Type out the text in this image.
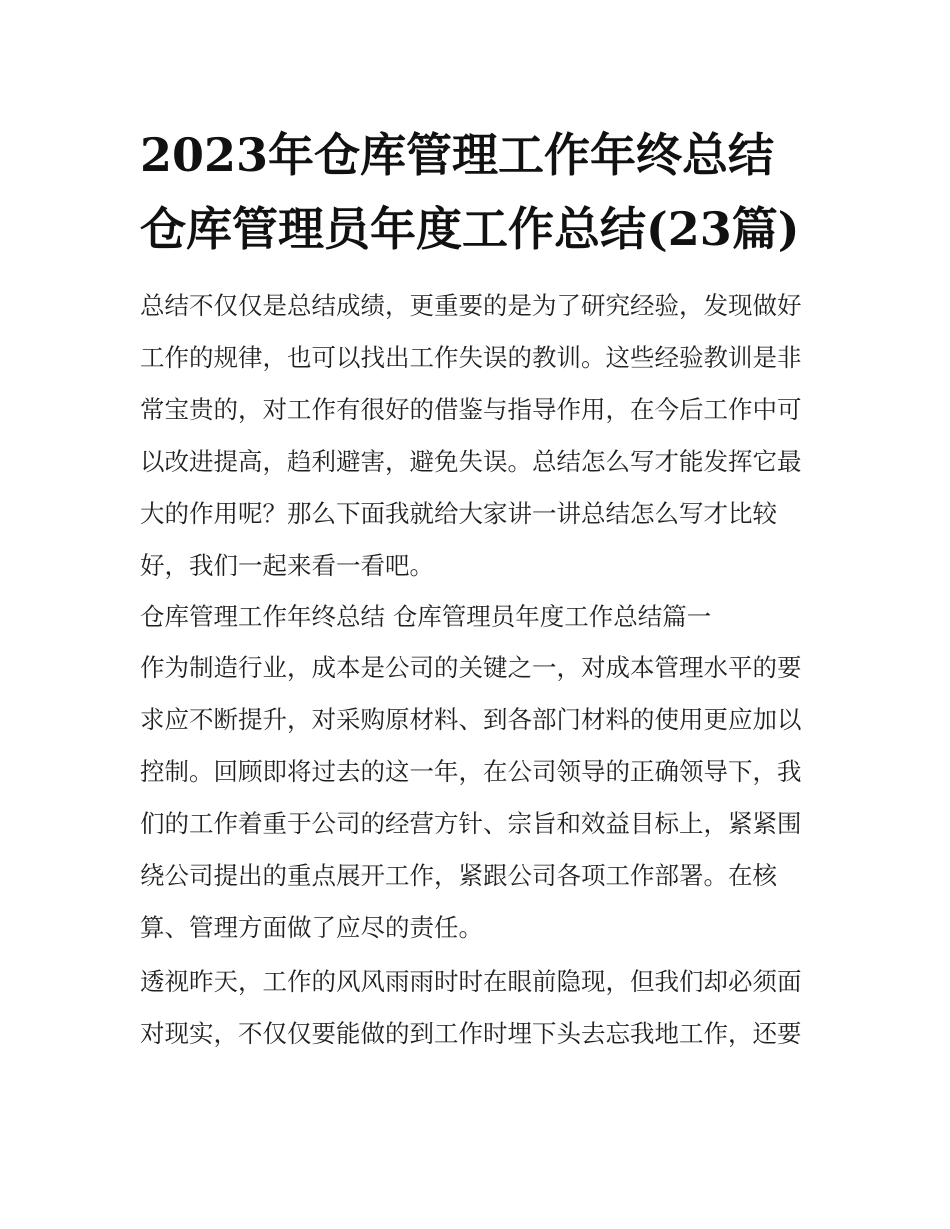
2023年仓库管理工作年终总结 仓库管理员年度工作总结(23篇)

总结不仅仅是总结成绩，更重要的是为了研究经验，发现做好工作的规律，也可以找出工作失误的教训。这些经验教训是非常宝贵的，对工作有很好的借鉴与指导作用，在今后工作中可以改进提高，趋利避害，避免失误。总结怎么写才能发挥它最大的作用呢？那么下面我就给大家讲一讲总结怎么写才比较好，我们一起来看一看吧。

仓库管理工作年终总结 仓库管理员年度工作总结篇一

作为制造行业，成本是公司的关键之一，对成本管理水平的要求应不断提升，对采购原材料、到各部门材料的使用更应加以控制。回顾即将过去的这一年，在公司领导的正确领导下，我们的工作着重于公司的经营方针、宗旨和效益目标上，紧紧围绕公司提出的重点展开工作，紧跟公司各项工作部署。在核算、管理方面做了应尽的责任。

透视昨天，工作的风风雨雨时时在眼前隐现，但我们却必须面对现实，不仅仅要能做的到工作时埋下头去忘我地工作，还要
